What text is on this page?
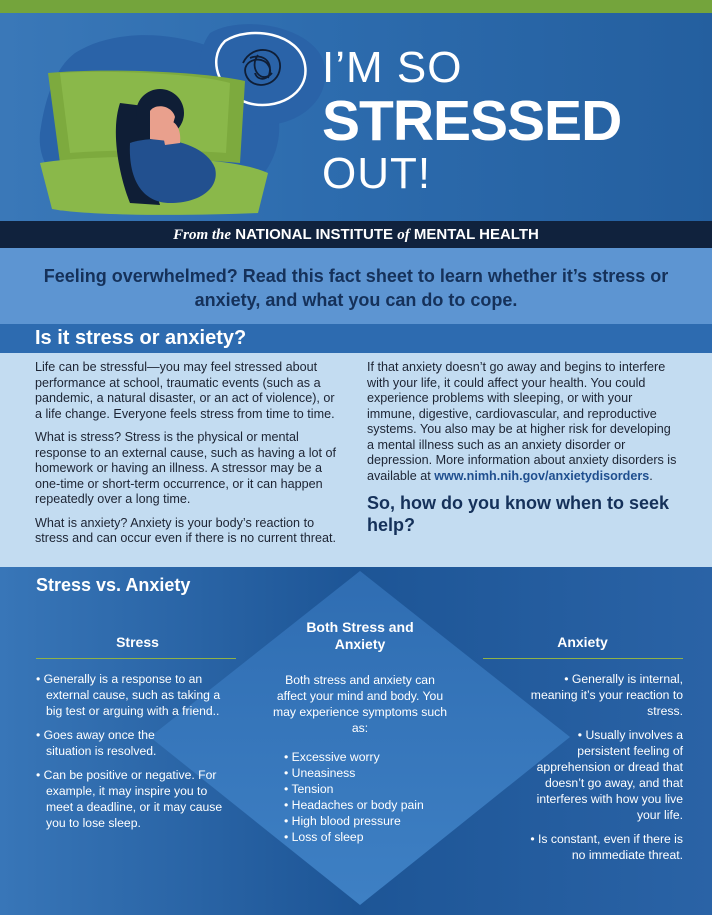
I’M SO
STRESSED
OUT!
From the NATIONAL INSTITUTE of MENTAL HEALTH

Feeling overwhelmed? Read this fact sheet to learn whether it’s stress or anxiety, and what you can do to cope.

Is it stress or anxiety?

Life can be stressful—you may feel stressed about performance at school, traumatic events (such as a pandemic, a natural disaster, or an act of violence), or a life change. Everyone feels stress from time to time.

What is stress? Stress is the physical or mental response to an external cause, such as having a lot of homework or having an illness. A stressor may be a one-time or short-term occurrence, or it can happen repeatedly over a long time.

What is anxiety? Anxiety is your body’s reaction to stress and can occur even if there is no current threat.

If that anxiety doesn’t go away and begins to interfere with your life, it could affect your health. You could experience problems with sleeping, or with your immune, digestive, cardiovascular, and reproductive systems. You also may be at higher risk for developing a mental illness such as an anxiety disorder or depression. More information about anxiety disorders is available at www.nimh.nih.gov/anxietydisorders.

So, how do you know when to seek help?
Stress vs. Anxiety
Stress
• Generally is a response to an external cause, such as taking a big test or arguing with a friend..
• Goes away once the situation is resolved.
• Can be positive or negative. For example, it may inspire you to meet a deadline, or it may cause you to lose sleep.
Both Stress and Anxiety
Both stress and anxiety can affect your mind and body. You may experience symptoms such as:
• Excessive worry
• Uneasiness
• Tension
• Headaches or body pain
• High blood pressure
• Loss of sleep
Anxiety
• Generally is internal, meaning it’s your reaction to stress.
• Usually involves a persistent feeling of apprehension or dread that doesn’t go away, and that interferes with how you live your life.
• Is constant, even if there is no immediate threat.
